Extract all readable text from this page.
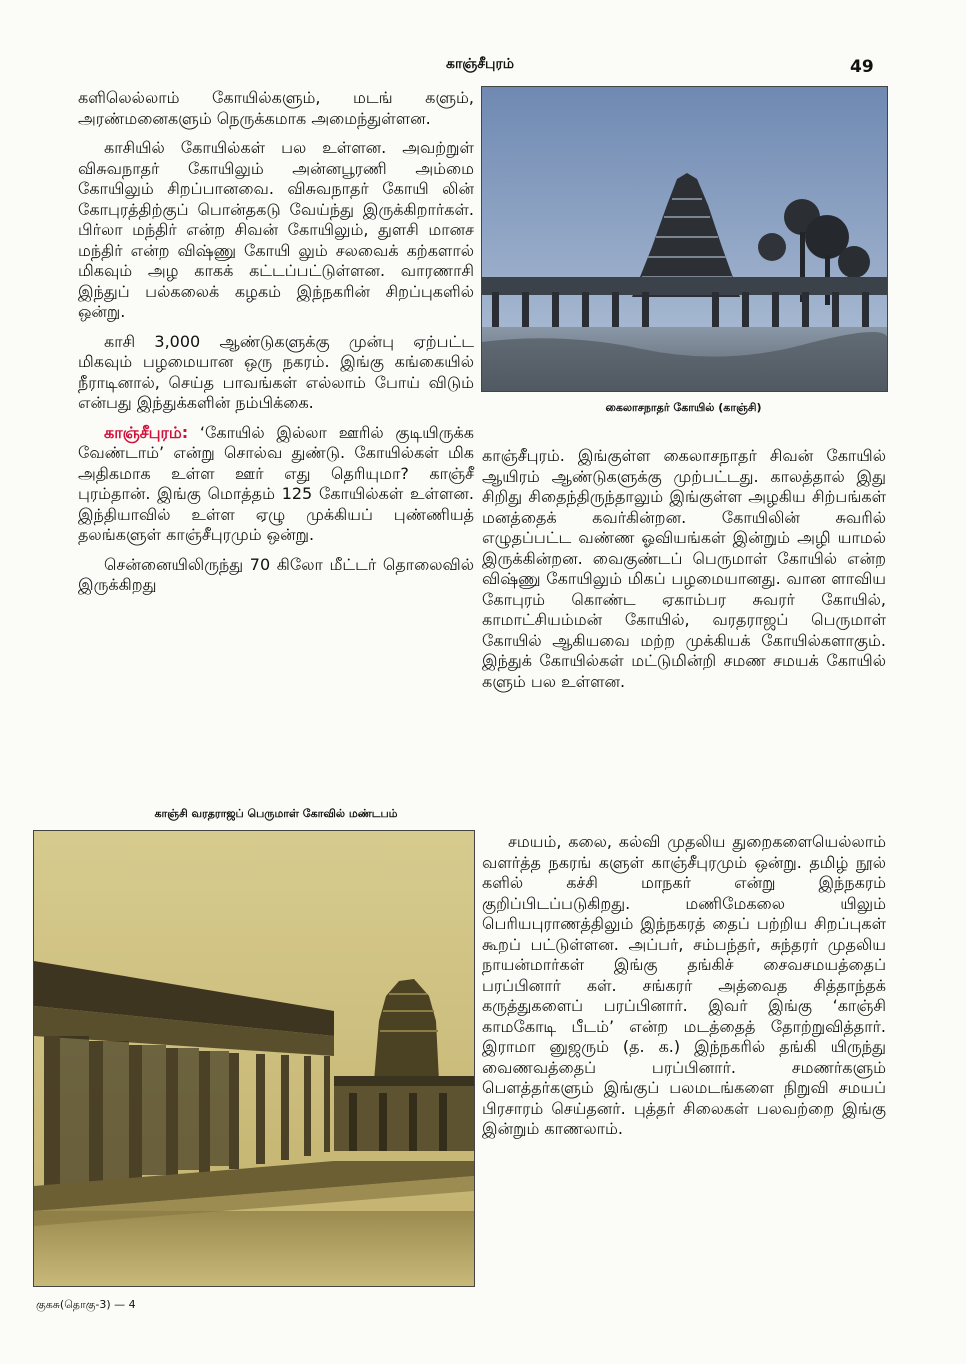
காஞ்சீபுரம்	49

களிலெல்லாம் கோயில்களும், மடங் களும், அரண்மனைகளும் நெருக்கமாக அமைந்துள்ளன.

காசியில் கோயில்கள் பல உள்ளன. அவற்றுள் விசுவநாதர் கோயிலும் அன்னபூரணி அம்மை கோயிலும் சிறப்பானவை. விசுவநாதர் கோயி லின் கோபுரத்திற்குப் பொன்தகடு வேய்ந்து இருக்கிறார்கள். பிர்லா மந்திர் என்ற சிவன் கோயிலும், துளசி மானச மந்திர் என்ற விஷ்ணு கோயி லும் சலவைக் கற்களால் மிகவும் அழ காகக் கட்டப்பட்டுள்ளன. வாரணாசி இந்துப் பல்கலைக் கழகம் இந்நகரின் சிறப்புகளில் ஒன்று.

காசி 3,000 ஆண்டுகளுக்கு முன்பு ஏற்பட்ட மிகவும் பழமையான ஒரு நகரம். இங்கு கங்கையில் நீராடினால், செய்த பாவங்கள் எல்லாம் போய் விடும் என்பது இந்துக்களின் நம்பிக்கை.

காஞ்சீபுரம்: ‘கோயில் இல்லா ஊரில் குடியிருக்க வேண்டாம்’ என்று சொல்வ துண்டு. கோயில்கள் மிக அதிகமாக உள்ள ஊர் எது தெரியுமா? காஞ்சீ புரம்தான். இங்கு மொத்தம் 125 கோயில்கள் உள்ளன. இந்தியாவில் உள்ள ஏழு முக்கியப் புண்ணியத் தலங்களுள் காஞ்சீபுரமும் ஒன்று.

சென்னையிலிருந்து 70 கிலோ மீட்டர் தொலைவில் இருக்கிறது

கைலாசநாதர் கோயில் (காஞ்சி)

காஞ்சீபுரம். இங்குள்ள கைலாசநாதர் சிவன் கோயில் ஆயிரம் ஆண்டுகளுக்கு முற்பட்டது. காலத்தால் இது சிறிது சிதைந்திருந்தாலும் இங்குள்ள அழகிய சிற்பங்கள் மனத்தைக் கவர்கின்றன. கோயிலின் சுவரில் எழுதப்பட்ட வண்ண ஓவியங்கள் இன்றும் அழி யாமல் இருக்கின்றன. வைகுண்டப் பெருமாள் கோயில் என்ற விஷ்ணு கோயிலும் மிகப் பழமையானது. வான ளாவிய கோபுரம் கொண்ட ஏகாம்பர சுவரர் கோயில், காமாட்சியம்மன் கோயில், வரதராஜப் பெருமாள் கோயில் ஆகியவை மற்ற முக்கியக் கோயில்களாகும். இந்துக் கோயில்கள் மட்டுமின்றி சமண சமயக் கோயில் களும் பல உள்ளன.

சமயம், கலை, கல்வி முதலிய துறைகளையெல்லாம் வளர்த்த நகரங் களுள் காஞ்சீபுரமும் ஒன்று. தமிழ் நூல் களில் கச்சி மாநகர் என்று இந்நகரம் குறிப்பிடப்படுகிறது. மணிமேகலை யிலும் பெரியபுராணத்திலும் இந்நகரத் தைப் பற்றிய சிறப்புகள் கூறப் பட்டுள்ளன. அப்பர், சம்பந்தர், சுந்தரர் முதலிய நாயன்மார்கள் இங்கு தங்கிச் சைவசமயத்தைப் பரப்பினார் கள். சங்கரர் அத்வைத சித்தாந்தக் கருத்துகளைப் பரப்பினார். இவர் இங்கு ‘காஞ்சி காமகோடி பீடம்’ என்ற மடத்தைத் தோற்றுவித்தார். இராமா னுஜரும் (த. க.) இந்நகரில் தங்கி யிருந்து வைணவத்தைப் பரப்பினார். சமணர்களும் பௌத்தர்களும் இங்குப் பலமடங்களை நிறுவி சமயப் பிரசாரம் செய்தனர். புத்தர் சிலைகள் பலவற்றை இங்கு இன்றும் காணலாம்.

காஞ்சி வரதராஜப் பெருமாள் கோவில் மண்டபம்
குகசு(தொகு-3) — 4
